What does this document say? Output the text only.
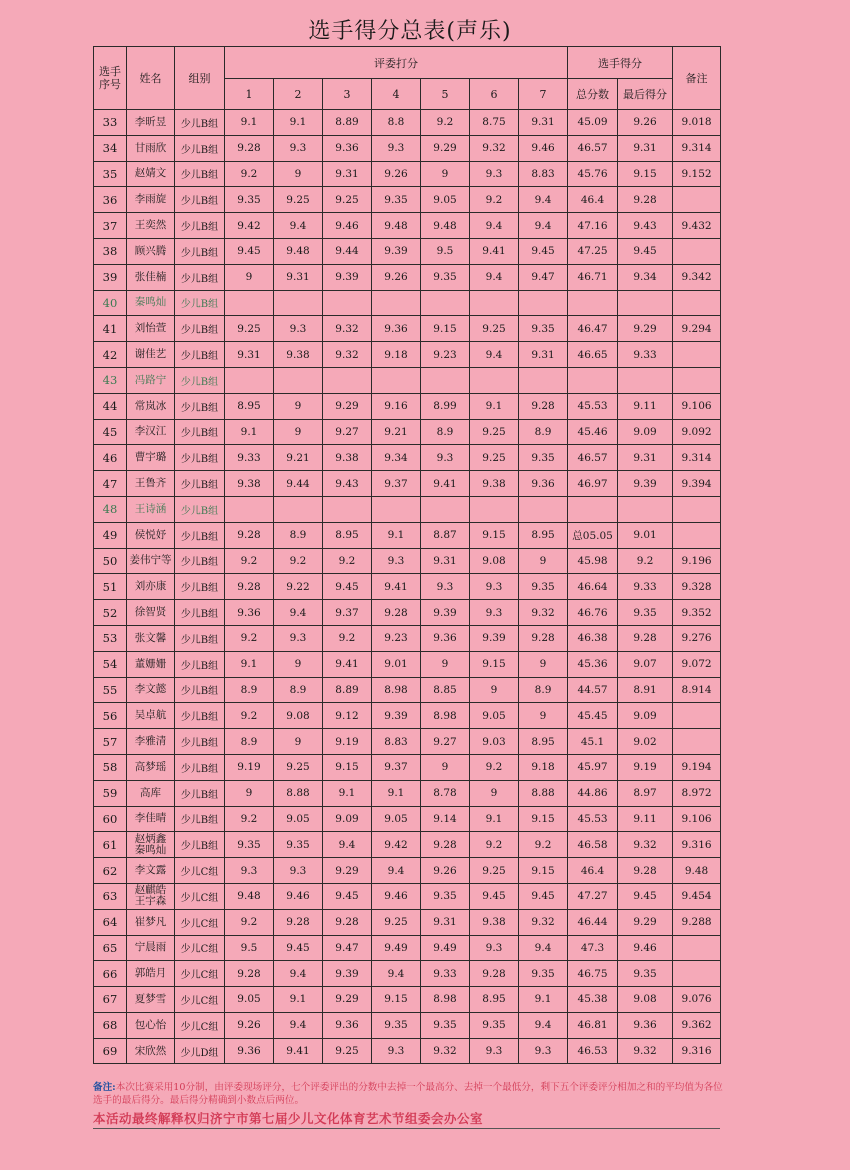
选手得分总表(声乐)
选手序号	姓名	组别	评委打分							选手得分		备注
			1	2	3	4	5	6	7	总分数	最后得分	
33	李昕昱	少儿B组	9.1	9.1	8.89	8.8	9.2	8.75	9.31	45.09	9.26	9.018
34	甘雨欣	少儿B组	9.28	9.3	9.36	9.3	9.29	9.32	9.46	46.57	9.31	9.314
35	赵婧文	少儿B组	9.2	9	9.31	9.26	9	9.3	8.83	45.76	9.15	9.152
36	李雨旋	少儿B组	9.35	9.25	9.25	9.35	9.05	9.2	9.4	46.4	9.28	
37	王奕然	少儿B组	9.42	9.4	9.46	9.48	9.48	9.4	9.4	47.16	9.43	9.432
38	顾兴腾	少儿B组	9.45	9.48	9.44	9.39	9.5	9.41	9.45	47.25	9.45	
39	张佳楠	少儿B组	9	9.31	9.39	9.26	9.35	9.4	9.47	46.71	9.34	9.342
40	秦鸣灿	少儿B组										
41	刘怡萱	少儿B组	9.25	9.3	9.32	9.36	9.15	9.25	9.35	46.47	9.29	9.294
42	谢佳艺	少儿B组	9.31	9.38	9.32	9.18	9.23	9.4	9.31	46.65	9.33	
43	冯路宁	少儿B组										
44	常岚冰	少儿B组	8.95	9	9.29	9.16	8.99	9.1	9.28	45.53	9.11	9.106
45	李汉江	少儿B组	9.1	9	9.27	9.21	8.9	9.25	8.9	45.46	9.09	9.092
46	曹宇璐	少儿B组	9.33	9.21	9.38	9.34	9.3	9.25	9.35	46.57	9.31	9.314
47	王鲁齐	少儿B组	9.38	9.44	9.43	9.37	9.41	9.38	9.36	46.97	9.39	9.394
48	王诗涵	少儿B组										
49	侯悦妤	少儿B组	9.28	8.9	8.95	9.1	8.87	9.15	8.95	总05.05	9.01	
50	姜伟宁等	少儿B组	9.2	9.2	9.2	9.3	9.31	9.08	9	45.98	9.2	9.196
51	刘亦康	少儿B组	9.28	9.22	9.45	9.41	9.3	9.3	9.35	46.64	9.33	9.328
52	徐智贤	少儿B组	9.36	9.4	9.37	9.28	9.39	9.3	9.32	46.76	9.35	9.352
53	张文馨	少儿B组	9.2	9.3	9.2	9.23	9.36	9.39	9.28	46.38	9.28	9.276
54	董姗姗	少儿B组	9.1	9	9.41	9.01	9	9.15	9	45.36	9.07	9.072
55	李文懿	少儿B组	8.9	8.9	8.89	8.98	8.85	9	8.9	44.57	8.91	8.914
56	吴卓航	少儿B组	9.2	9.08	9.12	9.39	8.98	9.05	9	45.45	9.09	
57	李雅清	少儿B组	8.9	9	9.19	8.83	9.27	9.03	8.95	45.1	9.02	
58	高梦瑶	少儿B组	9.19	9.25	9.15	9.37	9	9.2	9.18	45.97	9.19	9.194
59	高库	少儿B组	9	8.88	9.1	9.1	8.78	9	8.88	44.86	8.97	8.972
60	李佳晴	少儿B组	9.2	9.05	9.09	9.05	9.14	9.1	9.15	45.53	9.11	9.106
61	赵炳鑫
秦鸣灿	少儿B组	9.35	9.35	9.4	9.42	9.28	9.2	9.2	46.58	9.32	9.316
62	李文露	少儿C组	9.3	9.3	9.29	9.4	9.26	9.25	9.15	46.4	9.28	9.48
63	赵麒皓
王宇森	少儿C组	9.48	9.46	9.45	9.46	9.35	9.45	9.45	47.27	9.45	9.454
64	崔梦凡	少儿C组	9.2	9.28	9.28	9.25	9.31	9.38	9.32	46.44	9.29	9.288
65	宁晨雨	少儿C组	9.5	9.45	9.47	9.49	9.49	9.3	9.4	47.3	9.46	
66	郭皓月	少儿C组	9.28	9.4	9.39	9.4	9.33	9.28	9.35	46.75	9.35	
67	夏梦雪	少儿C组	9.05	9.1	9.29	9.15	8.98	8.95	9.1	45.38	9.08	9.076
68	包心怡	少儿C组	9.26	9.4	9.36	9.35	9.35	9.35	9.4	46.81	9.36	9.362
69	宋欣然	少儿D组	9.36	9.41	9.25	9.3	9.32	9.3	9.3	46.53	9.32	9.316
备注:本次比赛采用10分制，由评委现场评分，七个评委评出的分数中去掉一个最高分、去掉一个最低分，剩下五个评委评分相加之和的平均值为各位选手的最后得分。最后得分精确到小数点后两位。
本活动最终解释权归济宁市第七届少儿文化体育艺术节组委会办公室
